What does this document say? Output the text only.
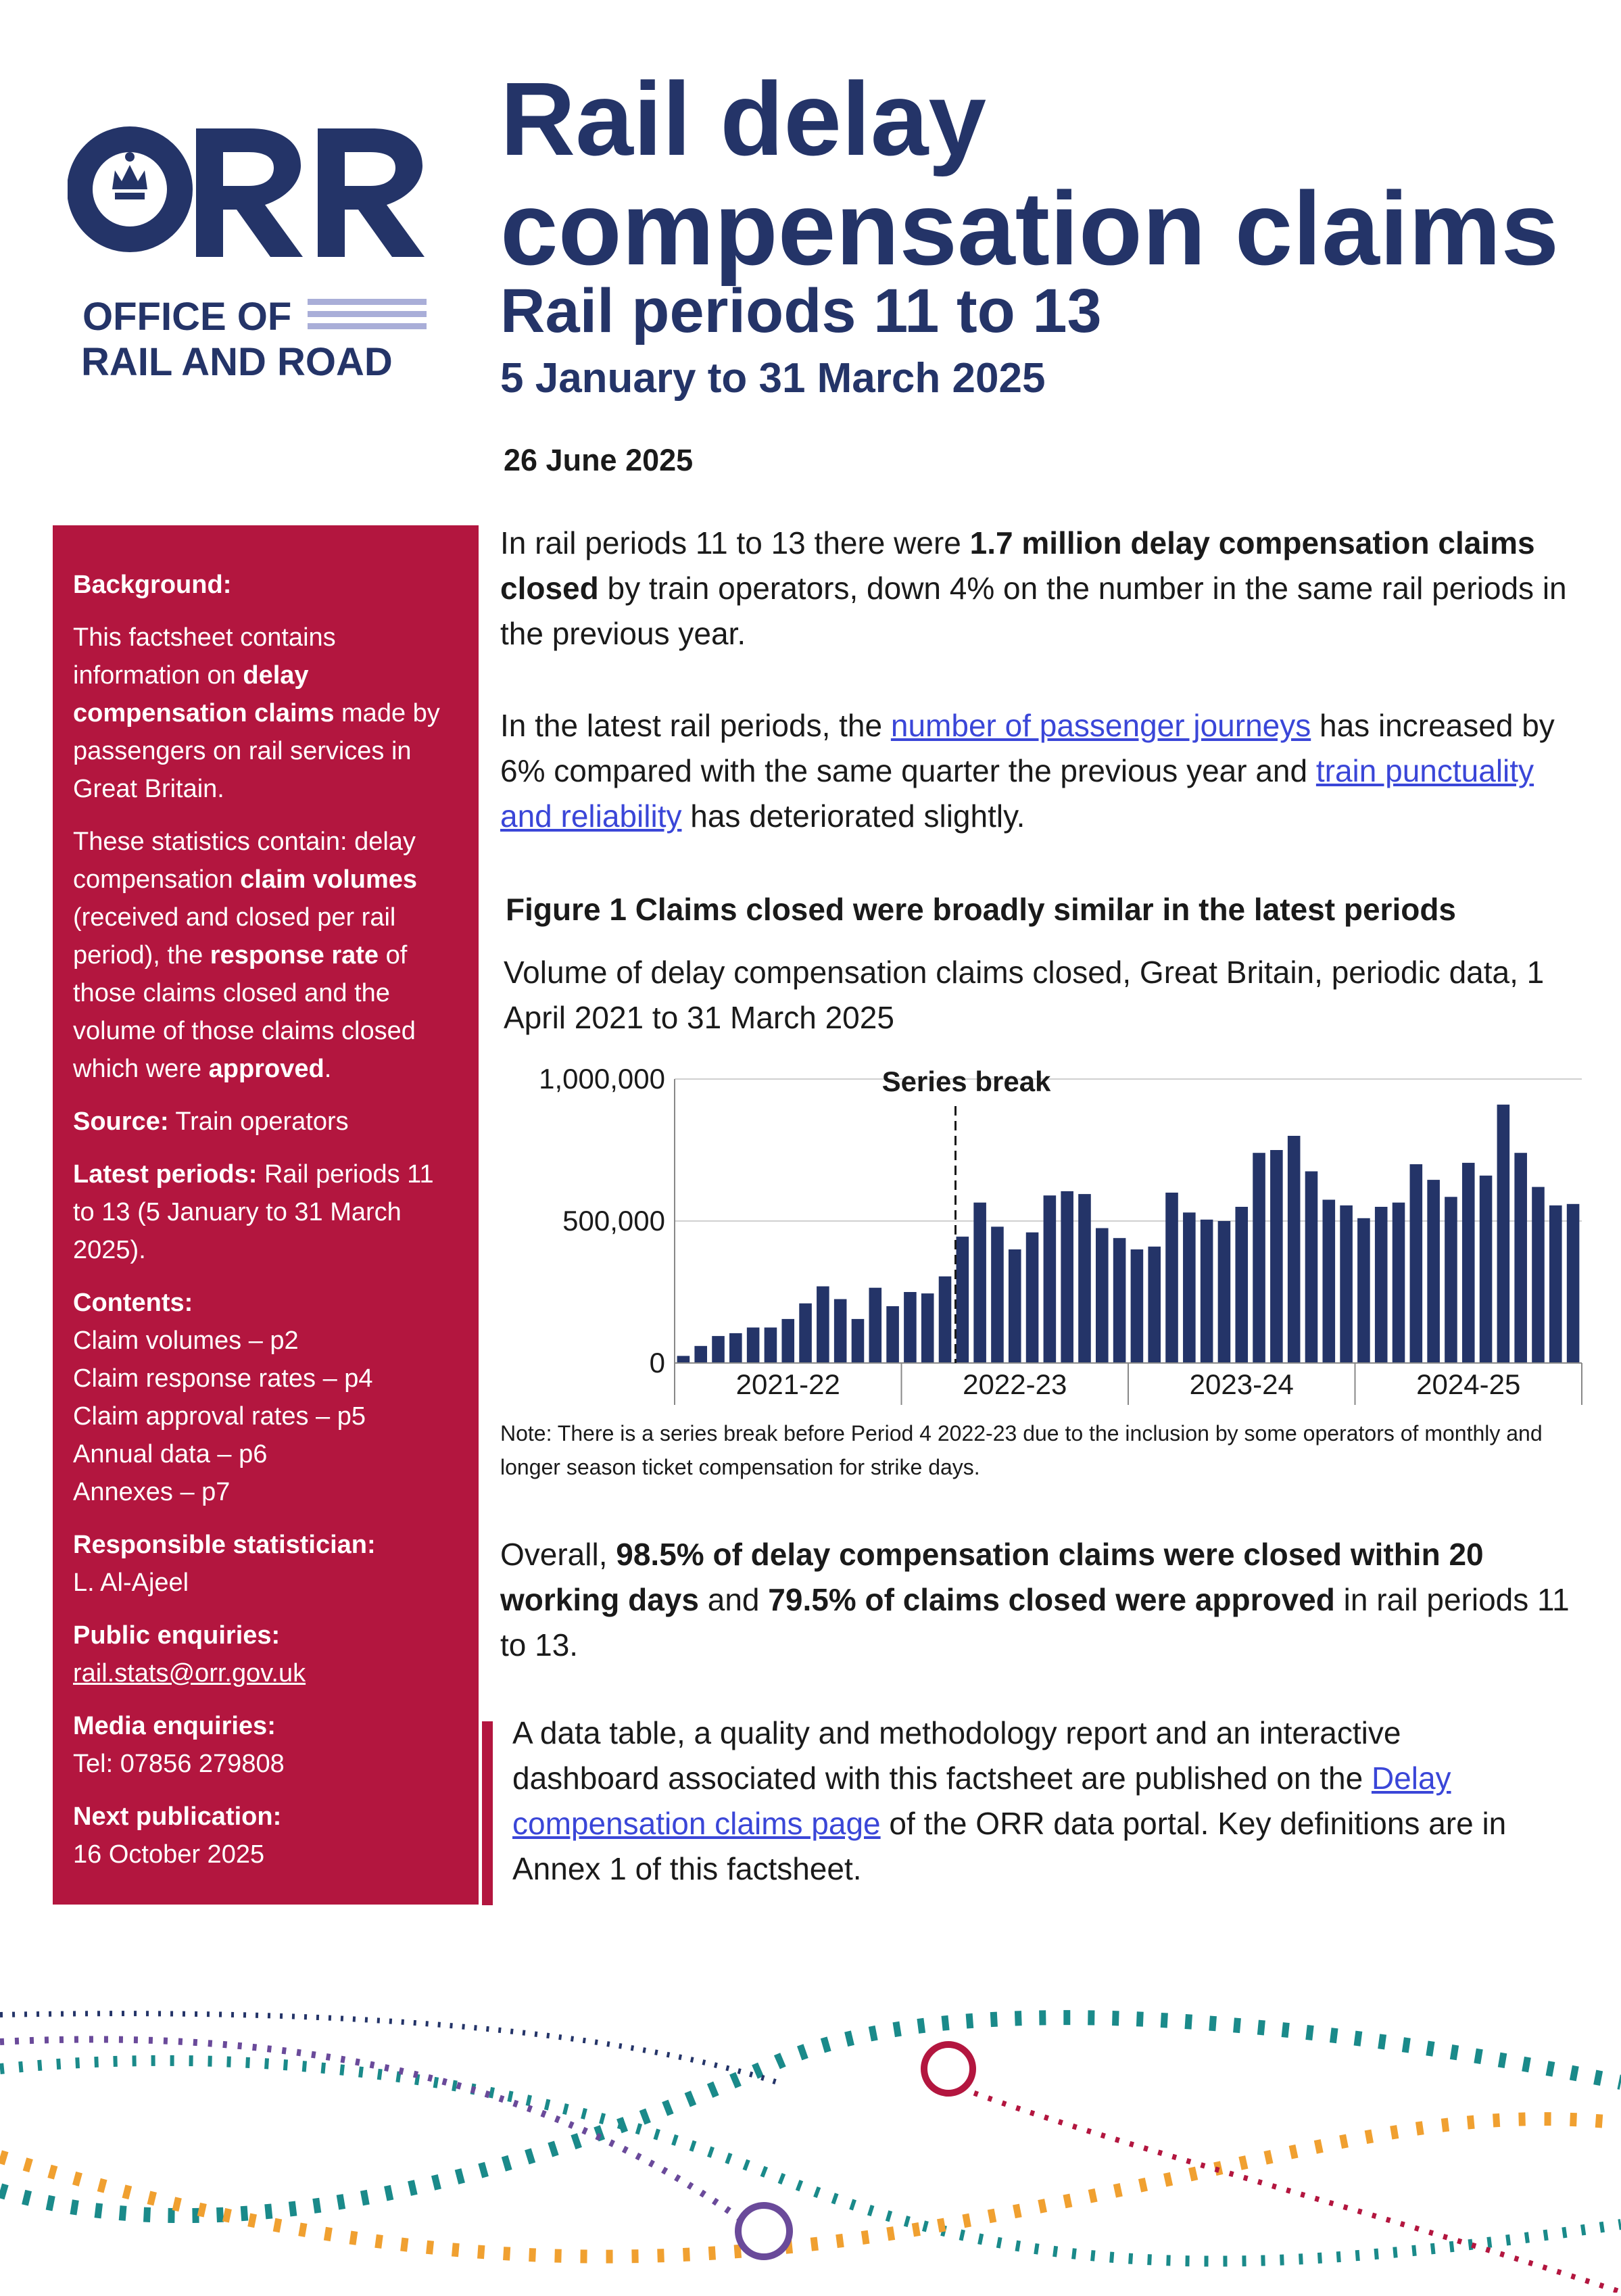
OFFICE OF
RAIL AND ROAD
Rail delay
compensation claims
Rail periods 11 to 13
5 January to 31 March 2025
26 June 2025

Background:

This factsheet contains information on delay compensation claims made by passengers on rail services in Great Britain.

These statistics contain: delay compensation claim volumes (received and closed per rail period), the response rate of those claims closed and the volume of those claims closed which were approved.

Source: Train operators

Latest periods: Rail periods 11 to 13 (5 January to 31 March 2025).

Contents:
Claim volumes – p2
Claim response rates – p4
Claim approval rates – p5
Annual data – p6
Annexes – p7

Responsible statistician:
L. Al-Ajeel

Public enquiries:
rail.stats@orr.gov.uk

Media enquiries:
Tel: 07856 279808

Next publication:
16 October 2025

In rail periods 11 to 13 there were 1.7 million delay compensation claims closed by train operators, down 4% on the number in the same rail periods in the previous year.
In the latest rail periods, the number of passenger journeys has increased by 6% compared with the same quarter the previous year and train punctuality and reliability has deteriorated slightly.
Figure 1 Claims closed were broadly similar in the latest periods
Volume of delay compensation claims closed, Great Britain, periodic data, 1 April 2021 to 31 March 2025
0
500,000
1,000,000
2021-22	2022-23	2023-24	2024-25
Series break
Note: There is a series break before Period 4 2022-23 due to the inclusion by some operators of monthly and longer season ticket compensation for strike days.
Overall, 98.5% of delay compensation claims were closed within 20 working days and 79.5% of claims closed were approved in rail periods 11 to 13.
A data table, a quality and methodology report and an interactive dashboard associated with this factsheet are published on the Delay compensation claims page of the ORR data portal. Key definitions are in Annex 1 of this factsheet.
